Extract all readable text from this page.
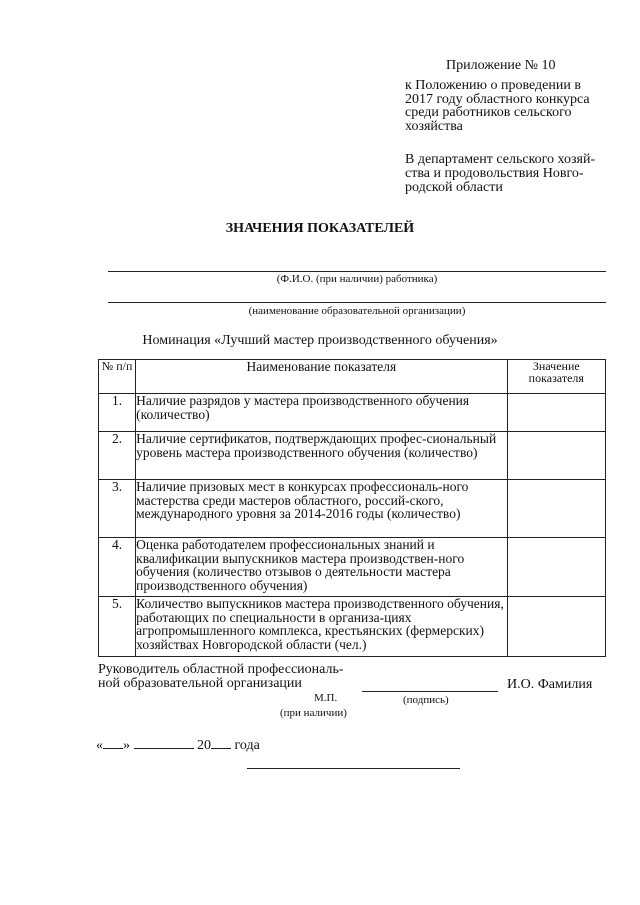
Приложение № 10
к Положению о проведении в 2017 году областного конкурса среди работников сельского хозяйства
В департамент сельского хозяй-ства и продовольствия Новго-родской области
ЗНАЧЕНИЯ ПОКАЗАТЕЛЕЙ
(Ф.И.О. (при наличии) работника)
(наименование образовательной организации)
Номинация «Лучший мастер производственного обучения»
№ п/п	Наименование показателя	Значение показателя
1.	Наличие разрядов у мастера производственного обучения (количество)	
2.	Наличие сертификатов, подтверждающих профес-сиональный уровень мастера производственного обучения (количество)	
3.	Наличие призовых мест в конкурсах профессиональ-ного мастерства среди мастеров областного, россий-ского, международного уровня за 2014-2016 годы (количество)	
4.	Оценка работодателем профессиональных знаний и квалификации выпускников мастера производствен-ного обучения (количество отзывов о деятельности мастера производственного обучения)	
5.	Количество выпускников мастера производственного обучения, работающих по специальности в организа-циях агропромышленного комплекса, крестьянских (фермерских) хозяйствах Новгородской области (чел.)	
Руководитель областной профессиональ-ной образовательной организации	И.О. Фамилия
М.П.	(подпись)
(при наличии)
« »	20 года
